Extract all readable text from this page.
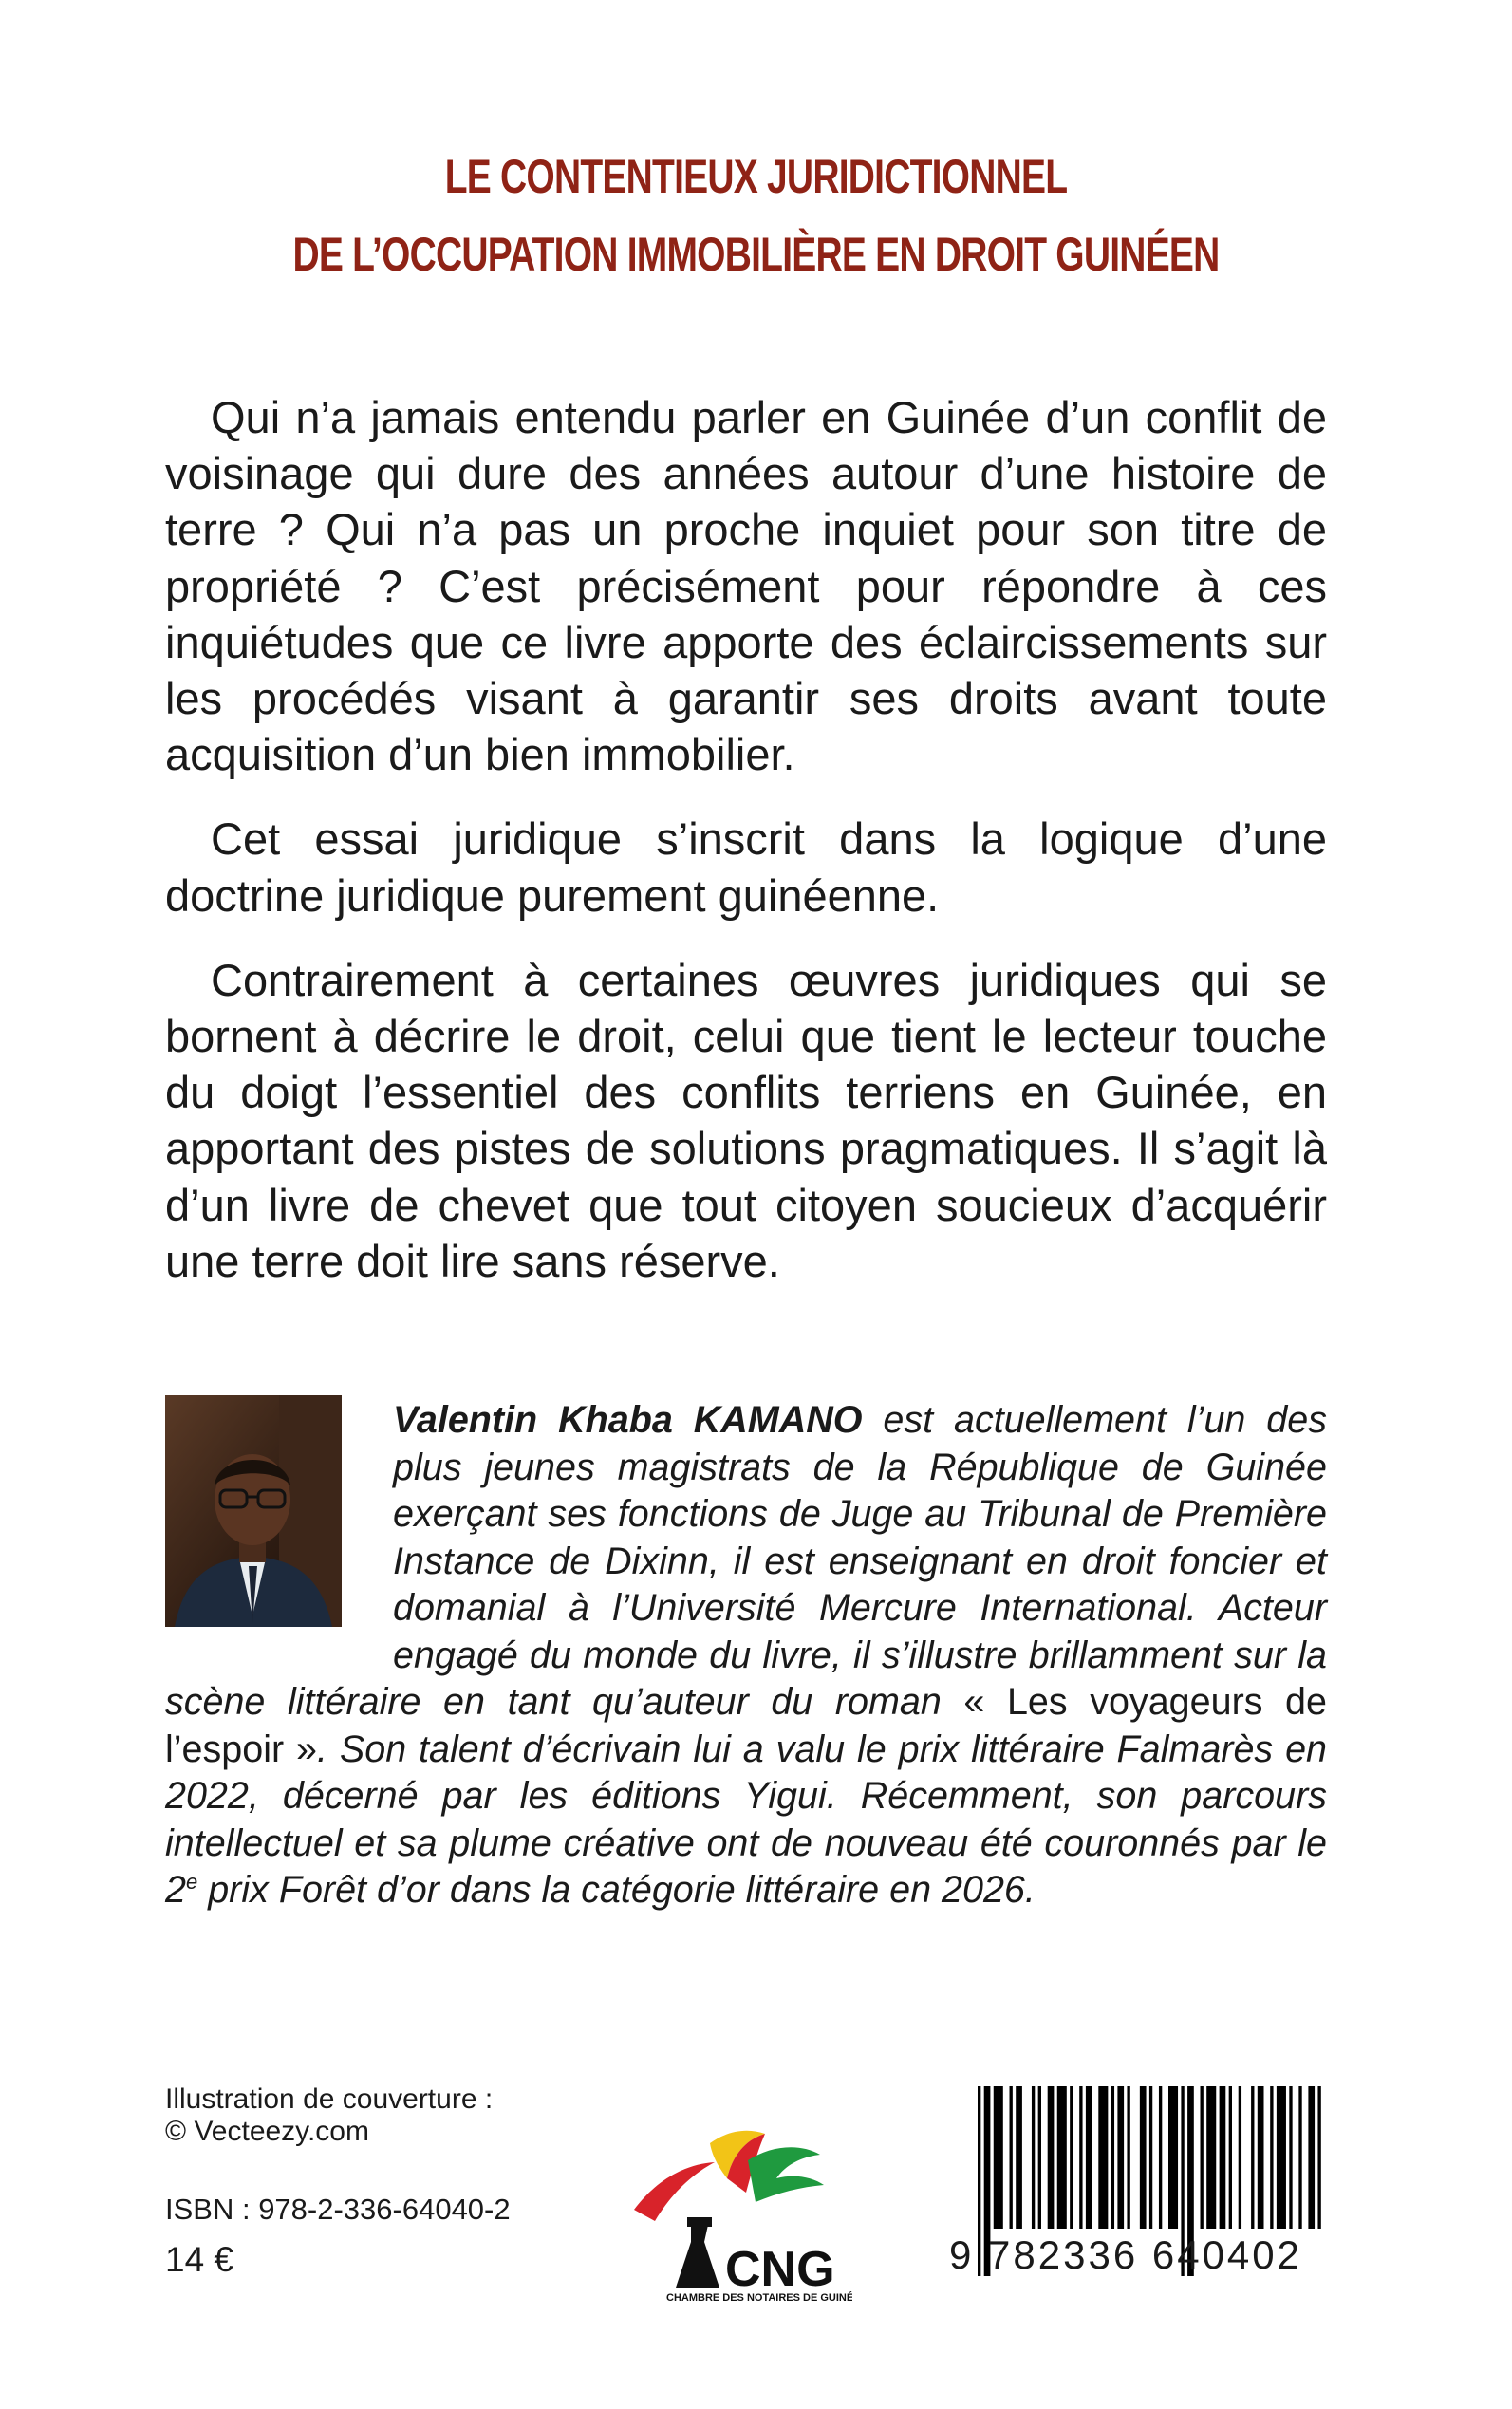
LE CONTENTIEUX JURIDICTIONNEL
DE L’OCCUPATION IMMOBILIÈRE EN DROIT GUINÉEN

Qui n’a jamais entendu parler en Guinée d’un conflit de voisinage qui dure des années autour d’une histoire de terre ? Qui n’a pas un proche inquiet pour son titre de propriété ? C’est précisément pour répondre à ces inquiétudes que ce livre apporte des éclaircissements sur les procédés visant à garantir ses droits avant toute acquisition d’un bien immobilier.

Cet essai juridique s’inscrit dans la logique d’une doctrine juridique purement guinéenne.

Contrairement à certaines œuvres juridiques qui se bornent à décrire le droit, celui que tient le lecteur touche du doigt l’essentiel des conflits terriens en Guinée, en apportant des pistes de solutions pragmatiques. Il s’agit là d’un livre de chevet que tout citoyen soucieux d’acquérir une terre doit lire sans réserve.

Valentin Khaba KAMANO est actuellement l’un des plus jeunes magistrats de la République de Guinée exerçant ses fonctions de Juge au Tribunal de Première Instance de Dixinn, il est enseignant en droit foncier et domanial à l’Université Mercure International. Acteur engagé du monde du livre, il s’illustre brillamment sur la scène littéraire en tant qu’auteur du roman « Les voyageurs de l’espoir ». Son talent d’écrivain lui a valu le prix littéraire Falmarès en 2022, décerné par les éditions Yigui. Récemment, son parcours intellectuel et sa plume créative ont de nouveau été couronnés par le 2e prix Forêt d’or dans la catégorie littéraire en 2026.
Illustration de couverture :
© Vecteezy.com
ISBN : 978-2-336-64040-2
14 €	CNG
CHAMBRE DES NOTAIRES DE GUINÉE
9 782336 640402
